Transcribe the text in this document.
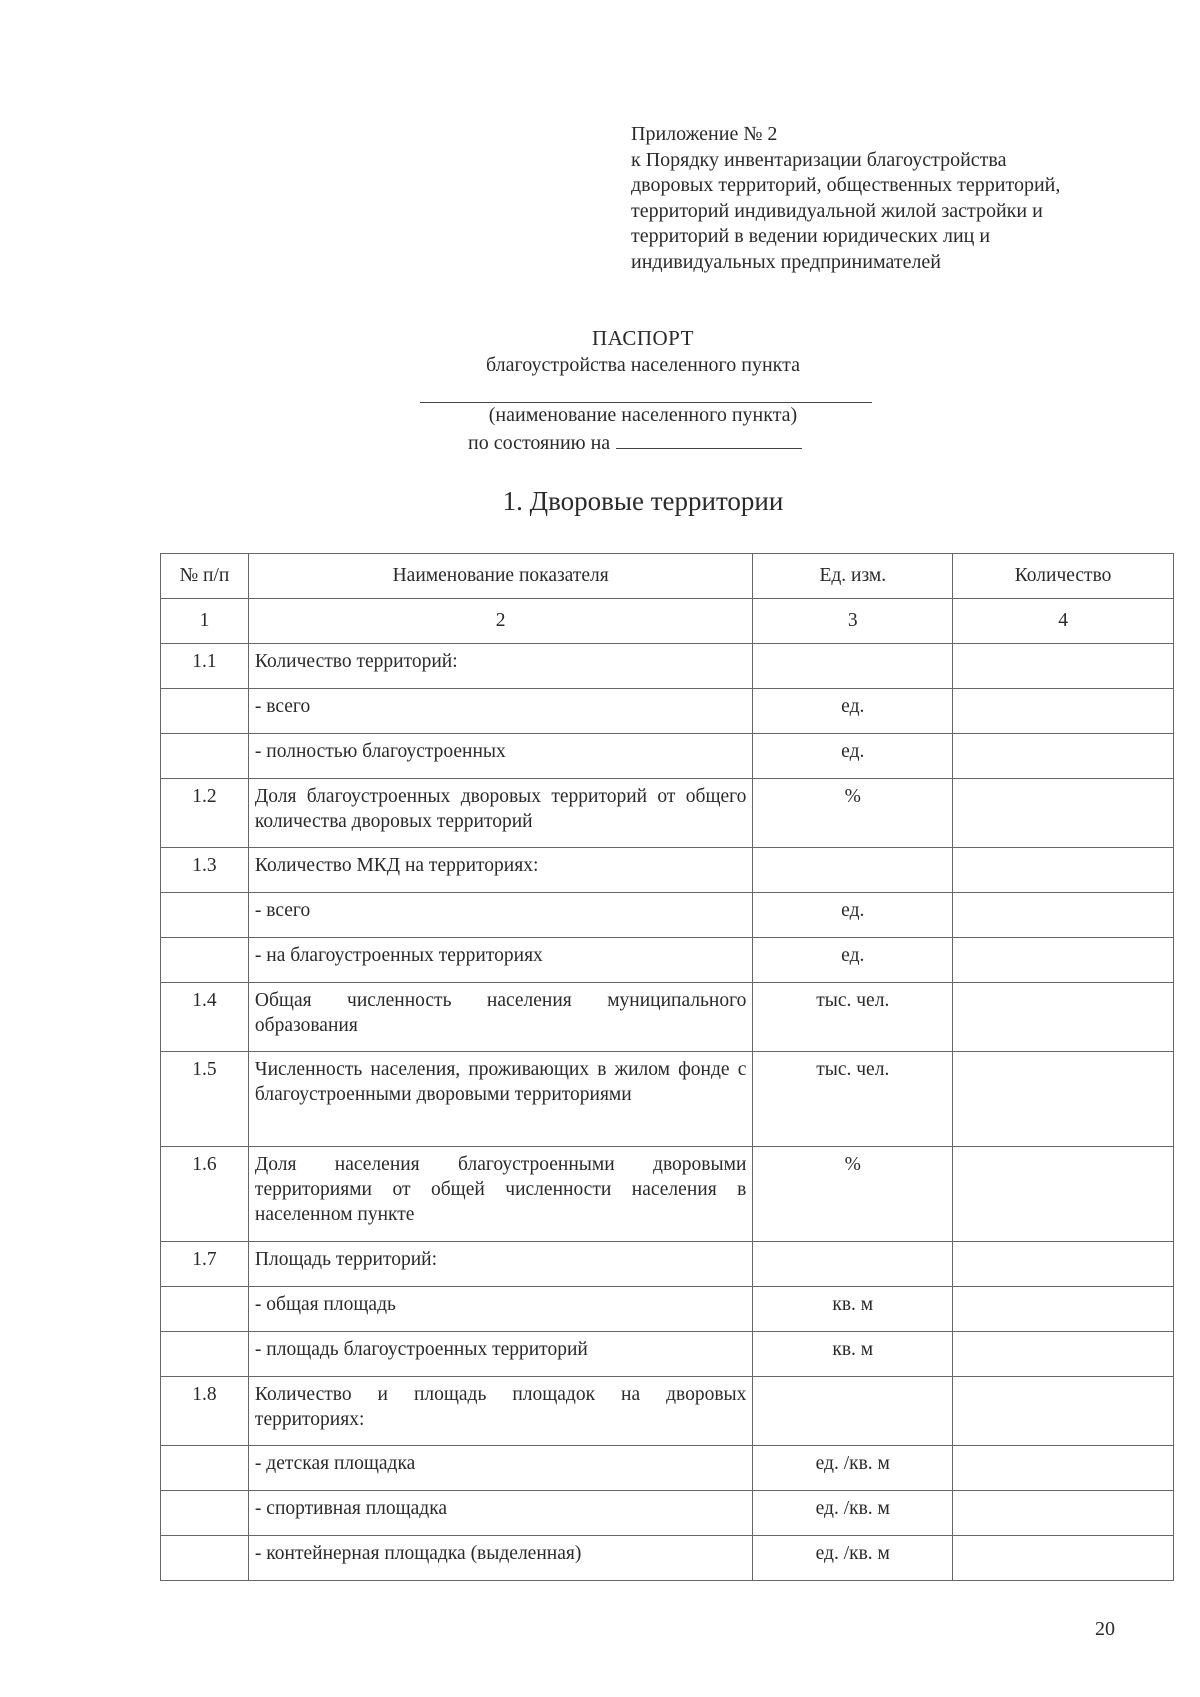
Приложение № 2
к Порядку инвентаризации благоустройства
дворовых территорий, общественных территорий,
территорий индивидуальной жилой застройки и
территорий в ведении юридических лиц и
индивидуальных предпринимателей
ПАСПОРТ
благоустройства населенного пункта
(наименование населенного пункта)
по состоянию на
1. Дворовые территории
№ п/п	Наименование показателя	Ед. изм.	Количество
1	2	3	4
1.1	Количество территорий:		
	- всего	ед.	
	- полностью благоустроенных	ед.	
1.2	Доля благоустроенных дворовых территорий от общего количества дворовых территорий	%	
1.3	Количество МКД на территориях:		
	- всего	ед.	
	- на благоустроенных территориях	ед.	
1.4	Общая численность населения муниципального образования	тыс. чел.	
1.5	Численность населения, проживающих в жилом фонде с благоустроенными дворовыми территориями	тыс. чел.	
1.6	Доля населения благоустроенными дворовыми территориями от общей численности населения в населенном пункте	%	
1.7	Площадь территорий:		
	- общая площадь	кв. м	
	- площадь благоустроенных территорий	кв. м	
1.8	Количество и площадь площадок на дворовых территориях:		
	- детская площадка	ед. /кв. м	
	- спортивная площадка	ед. /кв. м	
	- контейнерная площадка (выделенная)	ед. /кв. м	
20
